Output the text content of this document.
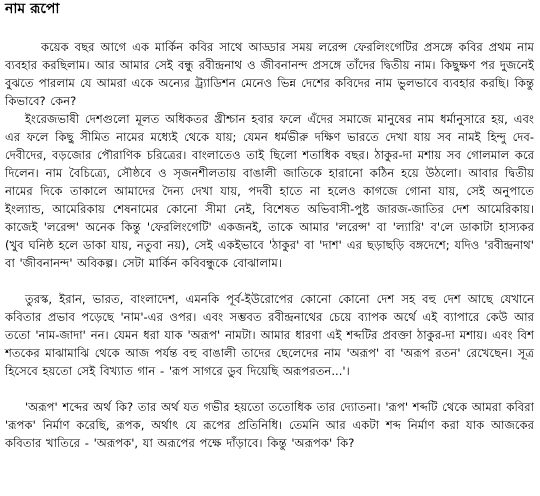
নাম রূপো

কয়েক বছর আগে এক মার্কিন কবির সাথে আড্ডার সময় লরেন্স ফেরলিংগেটির প্রসঙ্গে কবির প্রথম নাম ব্যবহার করছিলাম। আর আমার সেই বন্ধু রবীন্দ্রনাথ ও জীবনানন্দ প্রসঙ্গে তাঁদের দ্বিতীয় নাম। কিছুক্ষণ পর দুজনেই বুঝতে পারলাম যে আমরা একে অন্যের ট্র্যাডিশন মেনেও ভিন্ন দেশের কবিদের নাম ভুলভাবে ব্যবহার করছি। কিন্তু কিভাবে? কেন?

ইংরেজভাষী দেশগুলো মূলত অধিকতর খ্রীশ্চান হবার ফলে এঁদের সমাজে মানুষের নাম ধর্মানুসারে হয়, এবং এর ফলে কিছু সীমিত নামের মধ্যেই থেকে যায়; যেমন ধর্মভীরু দক্ষিণ ভারতে দেখা যায় সব নামই হিন্দু দেব-দেবীদের, বড়জোর পৌরাণিক চরিত্রের। বাংলাতেও তাই ছিলো শতাধিক বছর। ঠাকুর-দা মশায় সব গোলমাল করে দিলেন। নাম বৈচিত্র্যে, সৌষ্ঠবে ও সৃজনশীলতায় বাঙালী জাতিকে হারানো কঠিন হয়ে উঠলো। আবার দ্বিতীয় নামের দিকে তাকালে আমাদের দৈন্য দেখা যায়, পদবী হাতে না হলেও কাগজে গোনা যায়, সেই অনুপাতে ইংল্যান্ড, আমেরিকায় শেষনামের কোনো সীমা নেই, বিশেষত অভিবাসী-পুষ্ট জারজ-জাতির দেশ আমেরিকায়। কাজেই 'লরেন্স' অনেক কিন্তু 'ফেরলিংগেটি' একজনই, তাকে আমার 'লরেন্স' বা 'ল্যারি' ব'লে ডাকাটা হাস্যকর (খুব ঘনিষ্ঠ হলে ডাকা যায়, নতুবা নয়), সেই একইভাবে 'ঠাকুর' বা 'দাশ' এর ছড়াছড়ি বঙ্গদেশে; যদিও 'রবীন্দ্রনাথ' বা 'জীবনানন্দ' অবিকল্প। সেটা মার্কিন কবিবন্ধুকে বোঝালাম।

তুরস্ক, ইরান, ভারত, বাংলাদেশ, এমনকি পূর্ব-ইউরোপের কোনো কোনো দেশ সহ বহু দেশ আছে যেখানে কবিতার প্রভাব পড়েছে 'নাম'-এর ওপর। এবং সম্ভবত রবীন্দ্রনাথের চেয়ে ব্যাপক অর্থে এই ব্যাপারে কেউ আর ততো 'নাম-জাদা' নন। যেমন ধরা যাক 'অরূপ' নামটা। আমার ধারণা এই শব্দটির প্রবক্তা ঠাকুর-দা মশায়। এবং বিশ শতকের মাঝামাঝি থেকে আজ পর্যন্ত বহু বাঙালী তাদের ছেলেদের নাম 'অরূপ' বা 'অরূপ রতন' রেখেছেন। সূত্র হিসেবে হয়তো সেই বিখ্যাত গান - 'রূপ সাগরে ডুব দিয়েছি অরূপরতন...'।

'অরূপ' শব্দের অর্থ কি? তার অর্থ যত গভীর হয়তো ততোধিক তার দ্যোতনা। 'রূপ' শব্দটি থেকে আমরা কবিরা 'রূপক' নির্মাণ করেছি, রূপক, অর্থাৎ যে রূপের প্রতিনিধি। তেমনি আর একটা শব্দ নির্মাণ করা যাক আজকের কবিতার খাতিরে - 'অরূপক', যা অরূপের পক্ষে দাঁড়াবে। কিন্তু 'অরূপক' কি?
